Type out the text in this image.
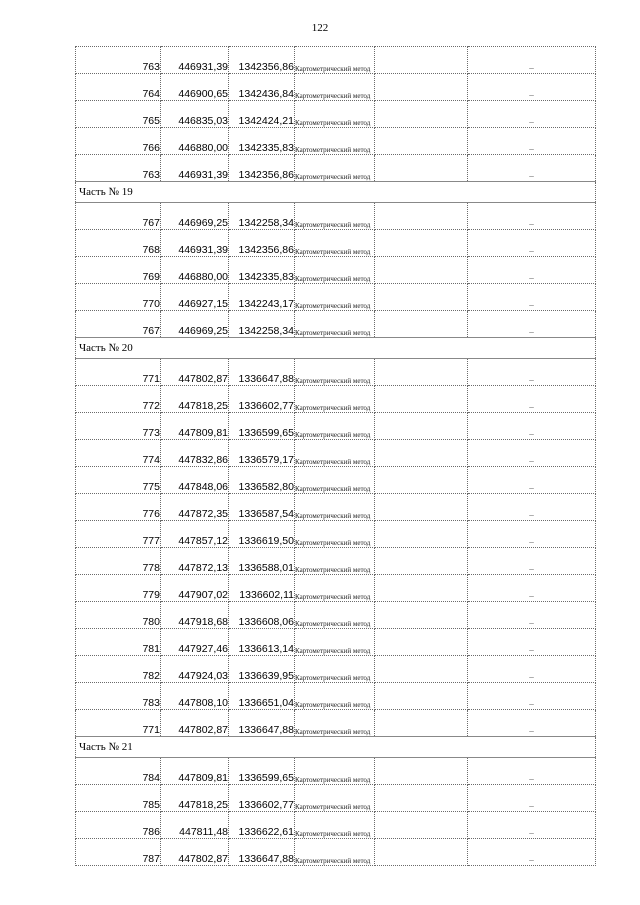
122
763	446931,39	1342356,86	Картометрический метод		–
764	446900,65	1342436,84	Картометрический метод		–
765	446835,03	1342424,21	Картометрический метод		–
766	446880,00	1342335,83	Картометрический метод		–
763	446931,39	1342356,86	Картометрический метод		–
Часть № 19					
767	446969,25	1342258,34	Картометрический метод		–
768	446931,39	1342356,86	Картометрический метод		–
769	446880,00	1342335,83	Картометрический метод		–
770	446927,15	1342243,17	Картометрический метод		–
767	446969,25	1342258,34	Картометрический метод		–
Часть № 20					
771	447802,87	1336647,88	Картометрический метод		–
772	447818,25	1336602,77	Картометрический метод		–
773	447809,81	1336599,65	Картометрический метод		–
774	447832,86	1336579,17	Картометрический метод		–
775	447848,06	1336582,80	Картометрический метод		–
776	447872,35	1336587,54	Картометрический метод		–
777	447857,12	1336619,50	Картометрический метод		–
778	447872,13	1336588,01	Картометрический метод		–
779	447907,02	1336602,11	Картометрический метод		–
780	447918,68	1336608,06	Картометрический метод		–
781	447927,46	1336613,14	Картометрический метод		–
782	447924,03	1336639,95	Картометрический метод		–
783	447808,10	1336651,04	Картометрический метод		–
771	447802,87	1336647,88	Картометрический метод		–
Часть № 21					
784	447809,81	1336599,65	Картометрический метод		–
785	447818,25	1336602,77	Картометрический метод		–
786	447811,48	1336622,61	Картометрический метод		–
787	447802,87	1336647,88	Картометрический метод		–
